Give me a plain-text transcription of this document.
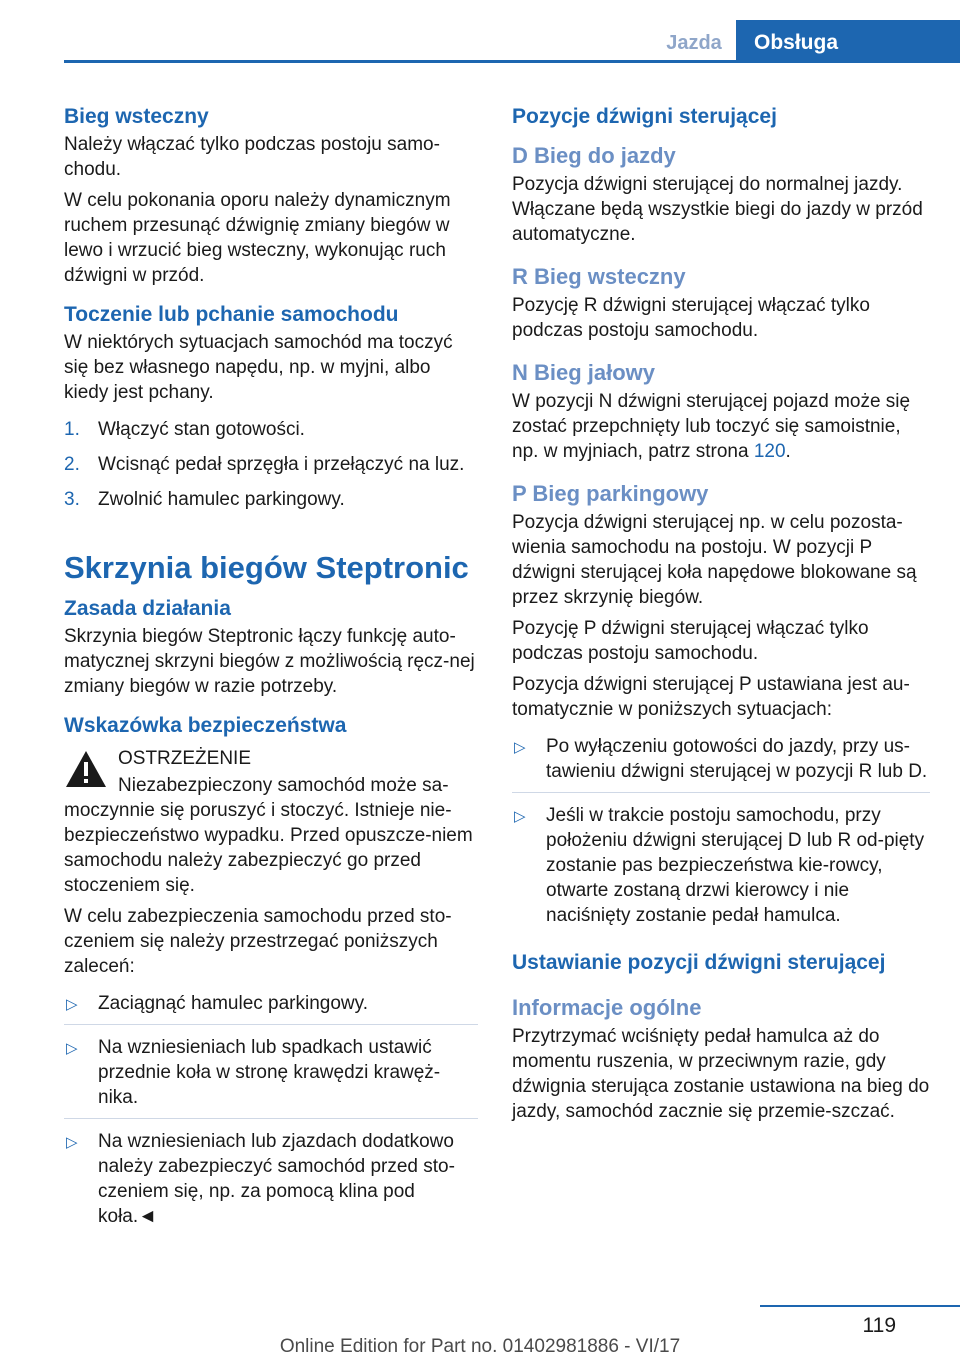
Jazda	Obsługa
Bieg wsteczny

Należy włączać tylko podczas postoju samo-chodu.

W celu pokonania oporu należy dynamicznym ruchem przesunąć dźwignię zmiany biegów w lewo i wrzucić bieg wsteczny, wykonując ruch dźwigni w przód.

Toczenie lub pchanie samochodu

W niektórych sytuacjach samochód ma toczyć się bez własnego napędu, np. w myjni, albo kiedy jest pchany.

1. Włączyć stan gotowości.
2. Wcisnąć pedał sprzęgła i przełączyć na luz.
3. Zwolnić hamulec parkingowy.
Skrzynia biegów Steptronic
Zasada działania

Skrzynia biegów Steptronic łączy funkcję auto-matycznej skrzyni biegów z możliwością ręcz-nej zmiany biegów w razie potrzeby.

Wskazówka bezpieczeństwa
OSTRZEŻENIE

Niezabezpieczony samochód może sa-moczynnie się poruszyć i stoczyć. Istnieje nie-bezpieczeństwo wypadku. Przed opuszcze-niem samochodu należy zabezpieczyć go przed stoczeniem się.

W celu zabezpieczenia samochodu przed sto-czeniem się należy przestrzegać poniższych zaleceń:

▷ Zaciągnąć hamulec parkingowy.
▷ Na wzniesieniach lub spadkach ustawić przednie koła w stronę krawędzi krawęż-nika.
▷ Na wzniesieniach lub zjazdach dodatkowo należy zabezpieczyć samochód przed sto-czeniem się, np. za pomocą klina pod koła.◄
Pozycje dźwigni sterującej
D Bieg do jazdy

Pozycja dźwigni sterującej do normalnej jazdy. Włączane będą wszystkie biegi do jazdy w przód automatyczne.

R Bieg wsteczny

Pozycję R dźwigni sterującej włączać tylko podczas postoju samochodu.

N Bieg jałowy

W pozycji N dźwigni sterującej pojazd może się zostać przepchnięty lub toczyć się samoistnie, np. w myjniach, patrz strona 120.

P Bieg parkingowy

Pozycja dźwigni sterującej np. w celu pozosta-wienia samochodu na postoju. W pozycji P dźwigni sterującej koła napędowe blokowane są przez skrzynię biegów.

Pozycję P dźwigni sterującej włączać tylko podczas postoju samochodu.

Pozycja dźwigni sterującej P ustawiana jest au-tomatycznie w poniższych sytuacjach:

▷ Po wyłączeniu gotowości do jazdy, przy us-tawieniu dźwigni sterującej w pozycji R lub D.
▷ Jeśli w trakcie postoju samochodu, przy położeniu dźwigni sterującej D lub R od-pięty zostanie pas bezpieczeństwa kie-rowcy, otwarte zostaną drzwi kierowcy i nie naciśnięty zostanie pedał hamulca.
Ustawianie pozycji dźwigni sterującej
Informacje ogólne

Przytrzymać wciśnięty pedał hamulca aż do momentu ruszenia, w przeciwnym razie, gdy dźwignia sterująca zostanie ustawiona na bieg do jazdy, samochód zacznie się przemie-szczać.

119
Online Edition for Part no. 01402981886 - VI/17
